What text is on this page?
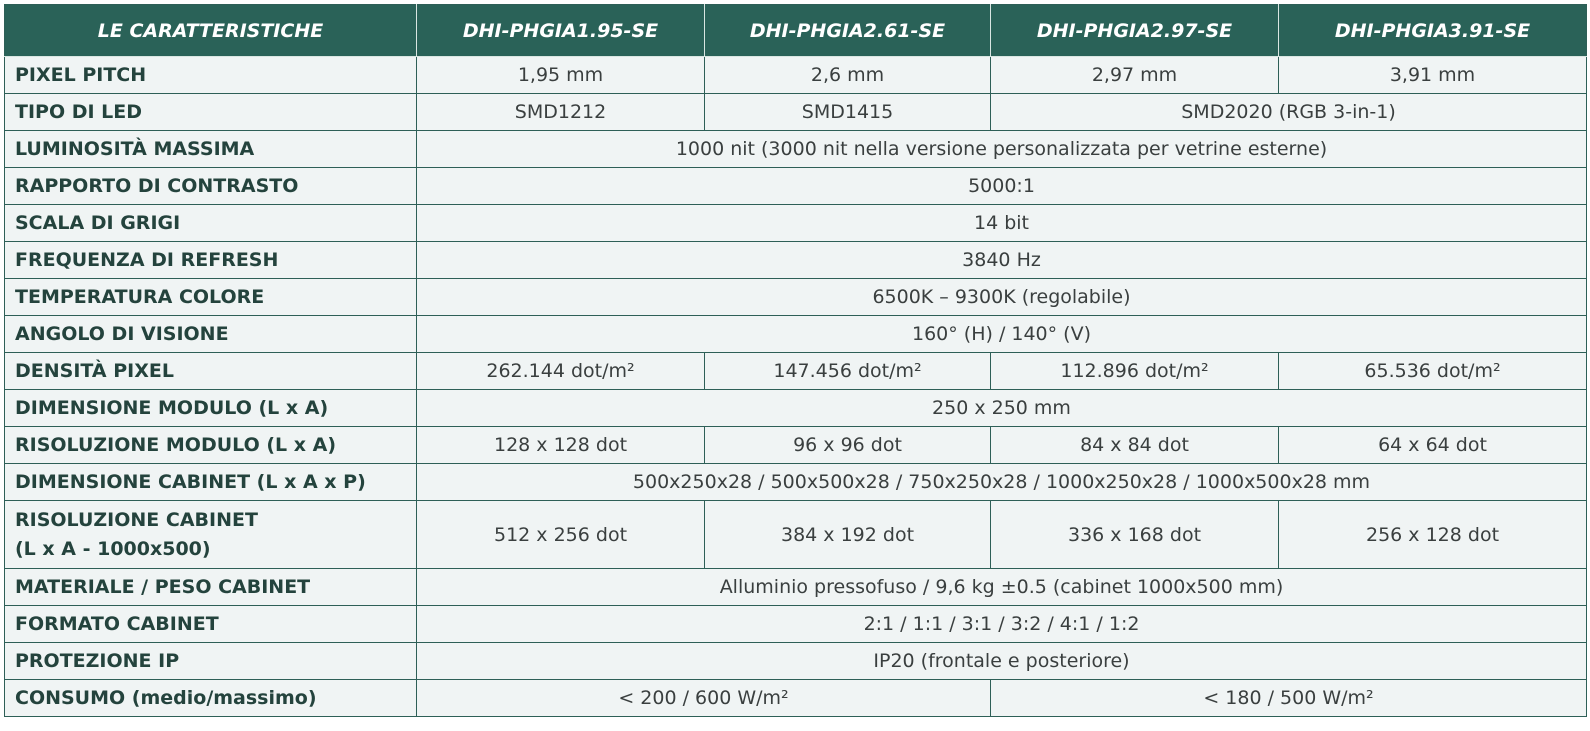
LE CARATTERISTICHE	DHI-PHGIA1.95-SE	DHI-PHGIA2.61-SE	DHI-PHGIA2.97-SE	DHI-PHGIA3.91-SE
PIXEL PITCH	1,95 mm	2,6 mm	2,97 mm	3,91 mm
TIPO DI LED	SMD1212	SMD1415	SMD2020 (RGB 3-in-1)	
LUMINOSITÀ MASSIMA	1000 nit (3000 nit nella versione personalizzata per vetrine esterne)			
RAPPORTO DI CONTRASTO	5000:1			
SCALA DI GRIGI	14 bit			
FREQUENZA DI REFRESH	3840 Hz			
TEMPERATURA COLORE	6500K – 9300K (regolabile)			
ANGOLO DI VISIONE	160° (H) / 140° (V)			
DENSITÀ PIXEL	262.144 dot/m²	147.456 dot/m²	112.896 dot/m²	65.536 dot/m²
DIMENSIONE MODULO (L x A)	250 x 250 mm			
RISOLUZIONE MODULO (L x A)	128 x 128 dot	96 x 96 dot	84 x 84 dot	64 x 64 dot
DIMENSIONE CABINET (L x A x P)	500x250x28 / 500x500x28 / 750x250x28 / 1000x250x28 / 1000x500x28 mm			
RISOLUZIONE CABINET
(L x A - 1000x500)	512 x 256 dot	384 x 192 dot	336 x 168 dot	256 x 128 dot
MATERIALE / PESO CABINET	Alluminio pressofuso / 9,6 kg ±0.5 (cabinet 1000x500 mm)			
FORMATO CABINET	2:1 / 1:1 / 3:1 / 3:2 / 4:1 / 1:2			
PROTEZIONE IP	IP20 (frontale e posteriore)			
CONSUMO (medio/massimo)	< 200 / 600 W/m²		< 180 / 500 W/m²	
